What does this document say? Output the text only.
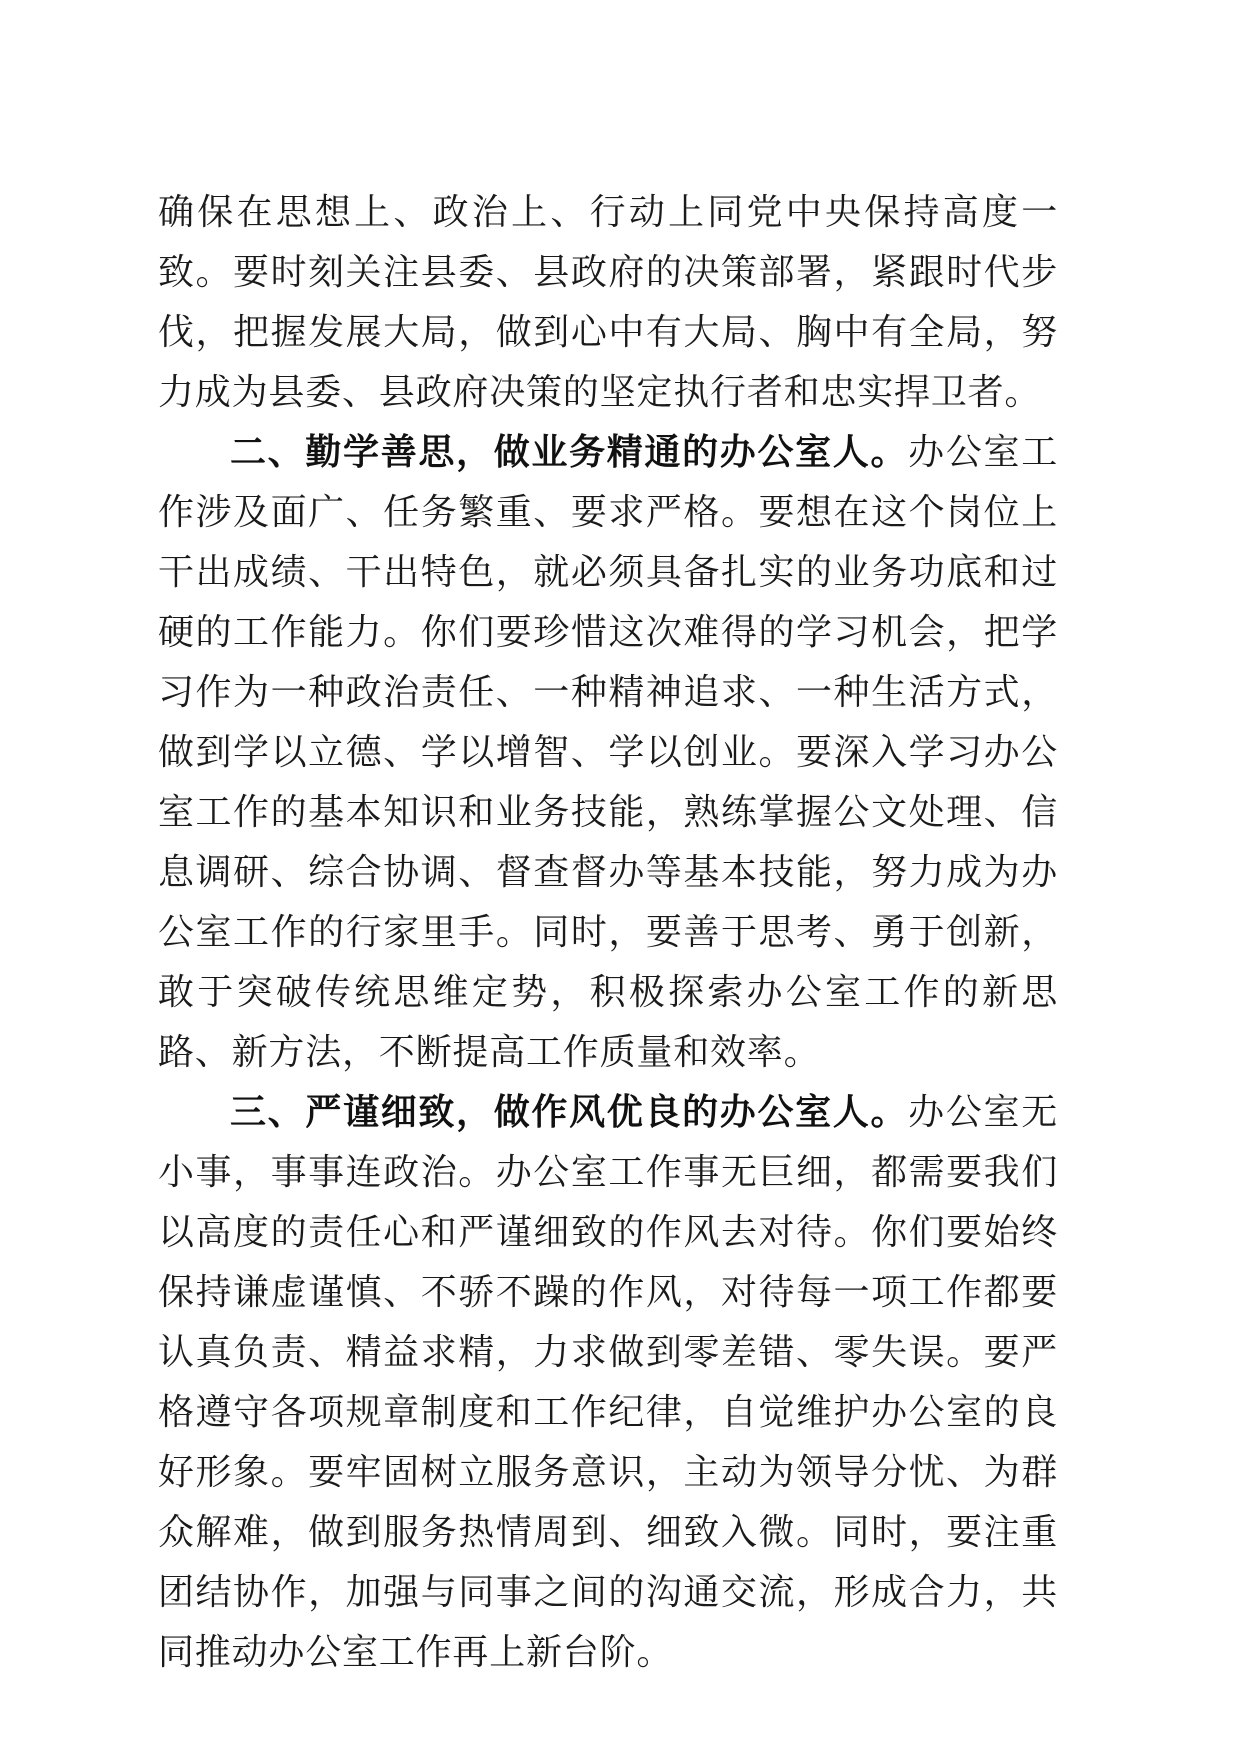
确保在思想上、政治上、行动上同党中央保持高度一致。要时刻关注县委、县政府的决策部署，紧跟时代步伐，把握发展大局，做到心中有大局、胸中有全局，努力成为县委、县政府决策的坚定执行者和忠实捍卫者。

二、勤学善思，做业务精通的办公室人。办公室工作涉及面广、任务繁重、要求严格。要想在这个岗位上干出成绩、干出特色，就必须具备扎实的业务功底和过硬的工作能力。你们要珍惜这次难得的学习机会，把学习作为一种政治责任、一种精神追求、一种生活方式，做到学以立德、学以增智、学以创业。要深入学习办公室工作的基本知识和业务技能，熟练掌握公文处理、信息调研、综合协调、督查督办等基本技能，努力成为办公室工作的行家里手。同时，要善于思考、勇于创新，敢于突破传统思维定势，积极探索办公室工作的新思路、新方法，不断提高工作质量和效率。

三、严谨细致，做作风优良的办公室人。办公室无小事，事事连政治。办公室工作事无巨细，都需要我们以高度的责任心和严谨细致的作风去对待。你们要始终保持谦虚谨慎、不骄不躁的作风，对待每一项工作都要认真负责、精益求精，力求做到零差错、零失误。要严格遵守各项规章制度和工作纪律，自觉维护办公室的良好形象。要牢固树立服务意识，主动为领导分忧、为群众解难，做到服务热情周到、细致入微。同时，要注重团结协作，加强与同事之间的沟通交流，形成合力，共同推动办公室工作再上新台阶。
